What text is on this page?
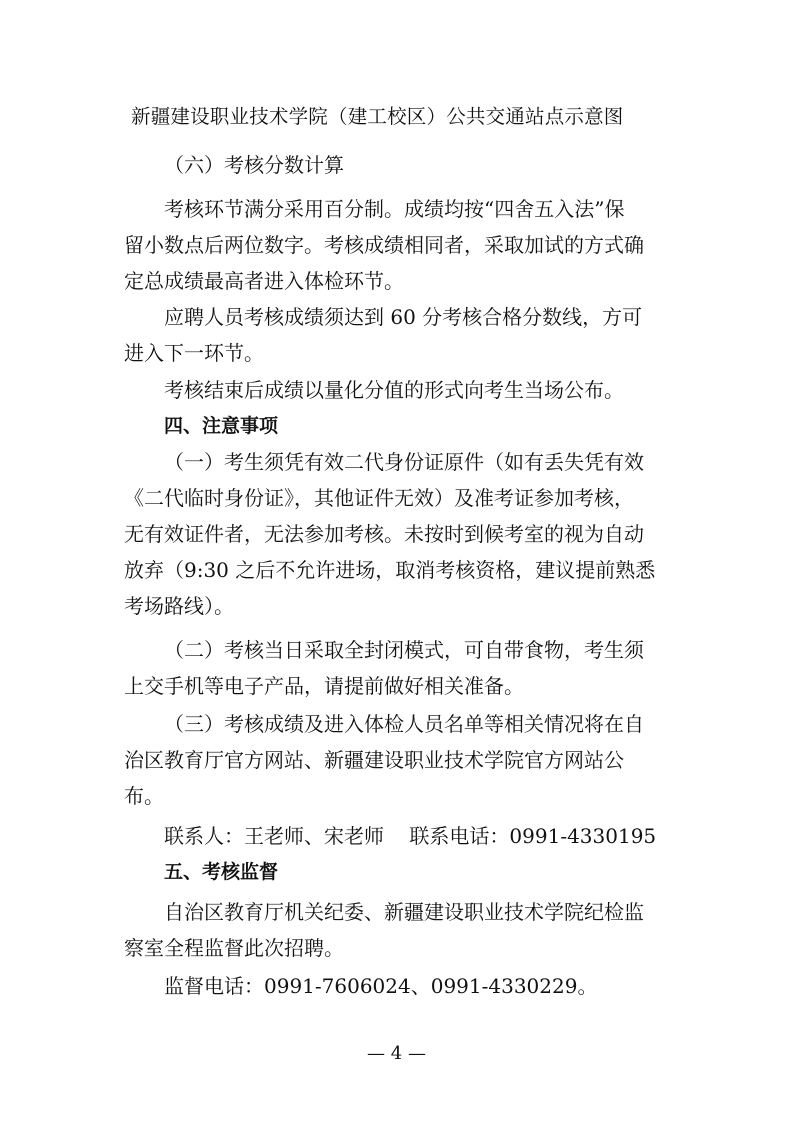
新疆建设职业技术学院（建工校区）公共交通站点示意图
（六）考核分数计算
考核环节满分采用百分制。成绩均按“四舍五入法”保
留小数点后两位数字。考核成绩相同者，采取加试的方式确
定总成绩最高者进入体检环节。
应聘人员考核成绩须达到 60 分考核合格分数线，方可
进入下一环节。
考核结束后成绩以量化分值的形式向考生当场公布。
四、注意事项
（一）考生须凭有效二代身份证原件（如有丢失凭有效
《二代临时身份证》，其他证件无效）及准考证参加考核，
无有效证件者，无法参加考核。未按时到候考室的视为自动
放弃（9:30 之后不允许进场，取消考核资格，建议提前熟悉
考场路线）。
（二）考核当日采取全封闭模式，可自带食物，考生须
上交手机等电子产品，请提前做好相关准备。
（三）考核成绩及进入体检人员名单等相关情况将在自
治区教育厅官方网站、新疆建设职业技术学院官方网站公
布。
联系人：王老师、宋老师    联系电话：0991-4330195
五、考核监督
自治区教育厅机关纪委、新疆建设职业技术学院纪检监
察室全程监督此次招聘。
监督电话：0991-7606024、0991-4330229。
— 4 —
